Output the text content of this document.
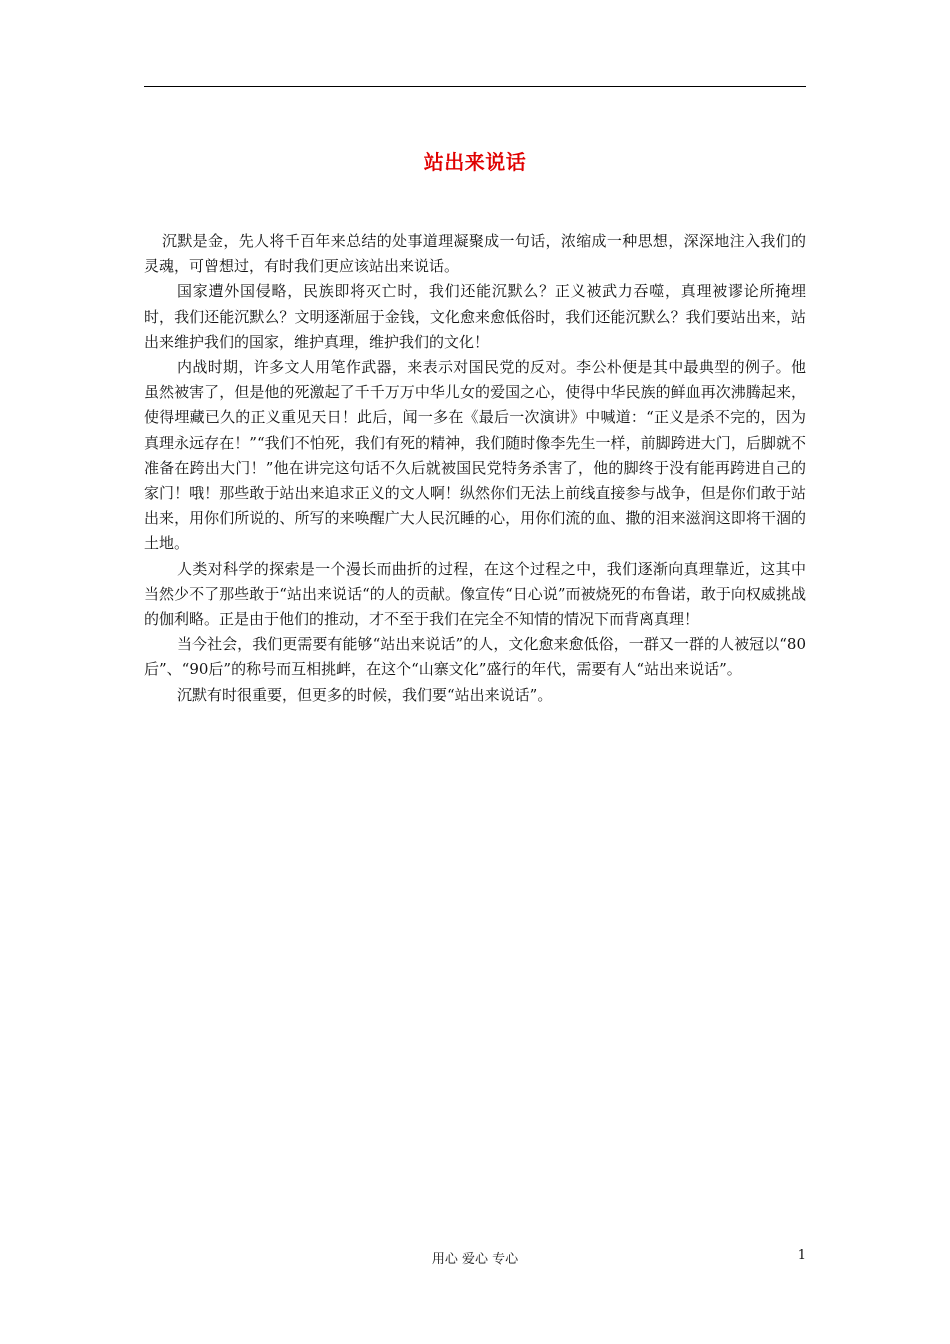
站出来说话

沉默是金，先人将千百年来总结的处事道理凝聚成一句话，浓缩成一种思想，深深地注入我们的灵魂，可曾想过，有时我们更应该站出来说话。

国家遭外国侵略，民族即将灭亡时，我们还能沉默么？正义被武力吞噬，真理被谬论所掩埋时，我们还能沉默么？文明逐渐屈于金钱，文化愈来愈低俗时，我们还能沉默么？我们要站出来，站出来维护我们的国家，维护真理，维护我们的文化！

内战时期，许多文人用笔作武器，来表示对国民党的反对。李公朴便是其中最典型的例子。他虽然被害了，但是他的死激起了千千万万中华儿女的爱国之心，使得中华民族的鲜血再次沸腾起来，使得埋藏已久的正义重见天日！此后，闻一多在《最后一次演讲》中喊道：“正义是杀不完的，因为真理永远存在！”“我们不怕死，我们有死的精神，我们随时像李先生一样，前脚跨进大门，后脚就不准备在跨出大门！”他在讲完这句话不久后就被国民党特务杀害了，他的脚终于没有能再跨进自己的家门！哦！那些敢于站出来追求正义的文人啊！纵然你们无法上前线直接参与战争，但是你们敢于站出来，用你们所说的、所写的来唤醒广大人民沉睡的心，用你们流的血、撒的泪来滋润这即将干涸的土地。

人类对科学的探索是一个漫长而曲折的过程，在这个过程之中，我们逐渐向真理靠近，这其中当然少不了那些敢于“站出来说话“的人的贡献。像宣传“日心说”而被烧死的布鲁诺，敢于向权威挑战的伽利略。正是由于他们的推动，才不至于我们在完全不知情的情况下而背离真理！

当今社会，我们更需要有能够“站出来说话”的人，文化愈来愈低俗，一群又一群的人被冠以“80后”、“90后”的称号而互相挑衅，在这个“山寨文化”盛行的年代，需要有人“站出来说话”。

沉默有时很重要，但更多的时候，我们要“站出来说话”。

用心 爱心 专心	1
